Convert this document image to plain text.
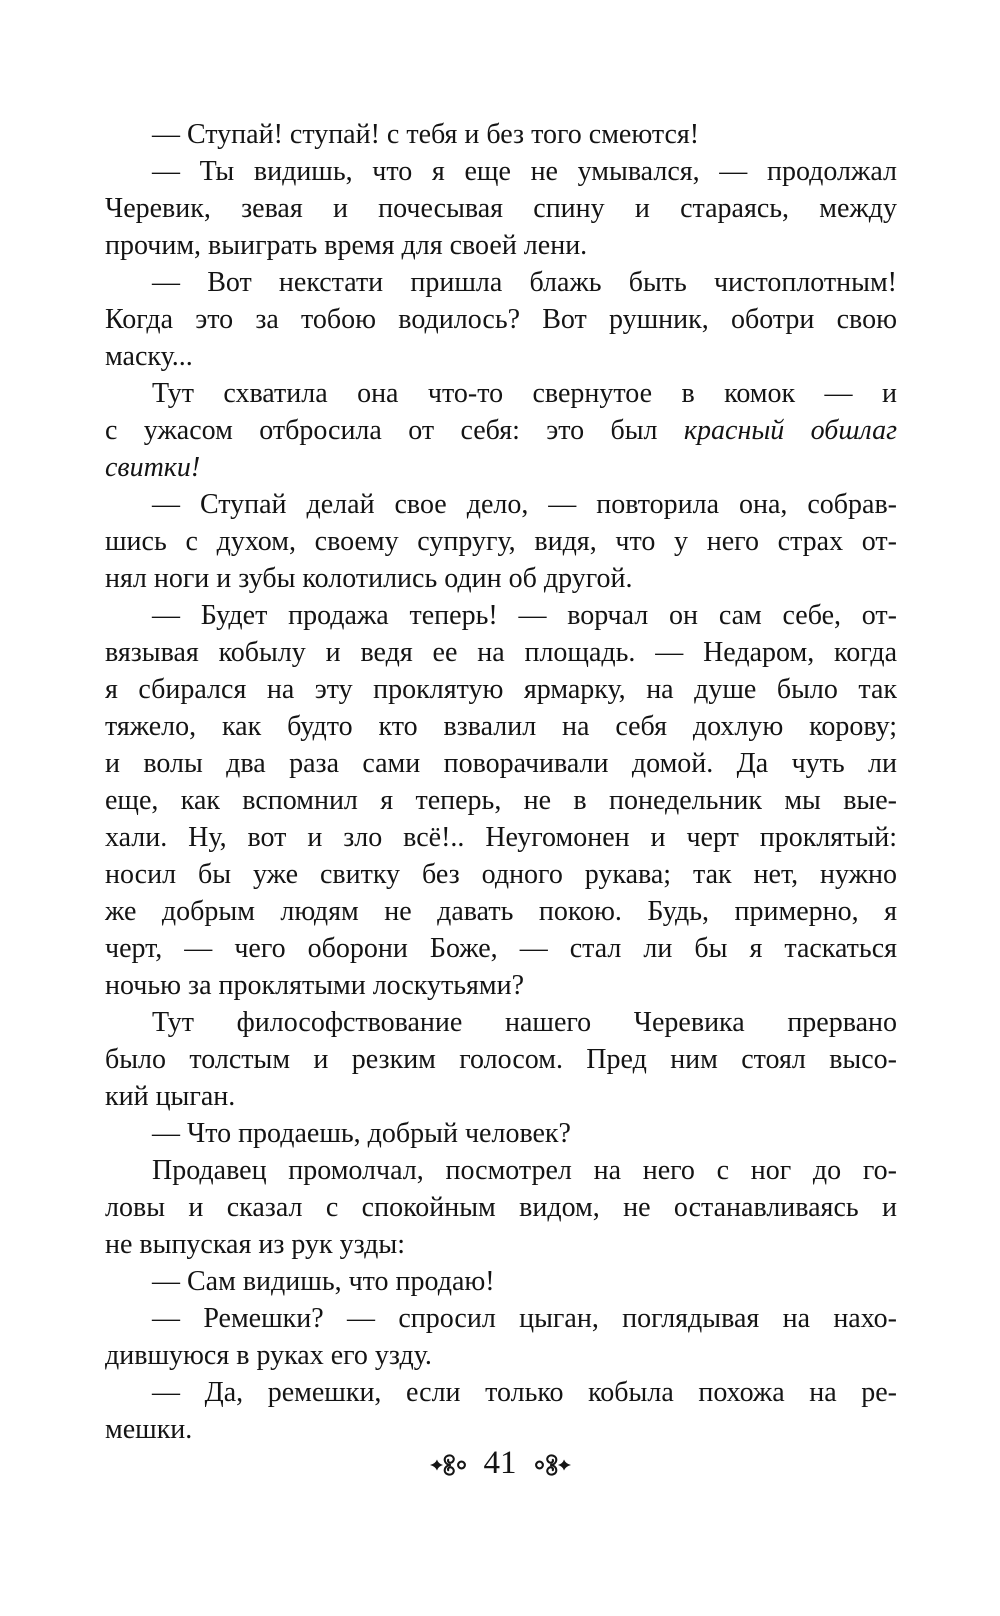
— Ступай! ступай! с тебя и без того смеются!
— Ты видишь, что я еще не умывался, — продолжал
Черевик, зевая и почесывая спину и стараясь, между
прочим, выиграть время для своей лени.
— Вот некстати пришла блажь быть чистоплотным!
Когда это за тобою водилось? Вот рушник, оботри свою
маску...
Тут схватила она что-то свернутое в комок — и
с ужасом отбросила от себя: это был красный обшлаг
свитки!
— Ступай делай свое дело, — повторила она, собрав-
шись с духом, своему супругу, видя, что у него страх от-
нял ноги и зубы колотились один об другой.
— Будет продажа теперь! — ворчал он сам себе, от-
вязывая кобылу и ведя ее на площадь. — Недаром, когда
я сбирался на эту проклятую ярмарку, на душе было так
тяжело, как будто кто взвалил на себя дохлую корову;
и волы два раза сами поворачивали домой. Да чуть ли
еще, как вспомнил я теперь, не в понедельник мы вые-
хали. Ну, вот и зло всё!.. Неугомонен и черт проклятый:
носил бы уже свитку без одного рукава; так нет, нужно
же добрым людям не давать покою. Будь, примерно, я
черт, — чего оборони Боже, — стал ли бы я таскаться
ночью за проклятыми лоскутьями?
Тут философствование нашего Черевика прервано
было толстым и резким голосом. Пред ним стоял высо-
кий цыган.
— Что продаешь, добрый человек?
Продавец промолчал, посмотрел на него с ног до го-
ловы и сказал с спокойным видом, не останавливаясь и
не выпуская из рук узды:
— Сам видишь, что продаю!
— Ремешки? — спросил цыган, поглядывая на нахо-
дившуюся в руках его узду.
— Да, ремешки, если только кобыла похожа на ре-
мешки.
41
